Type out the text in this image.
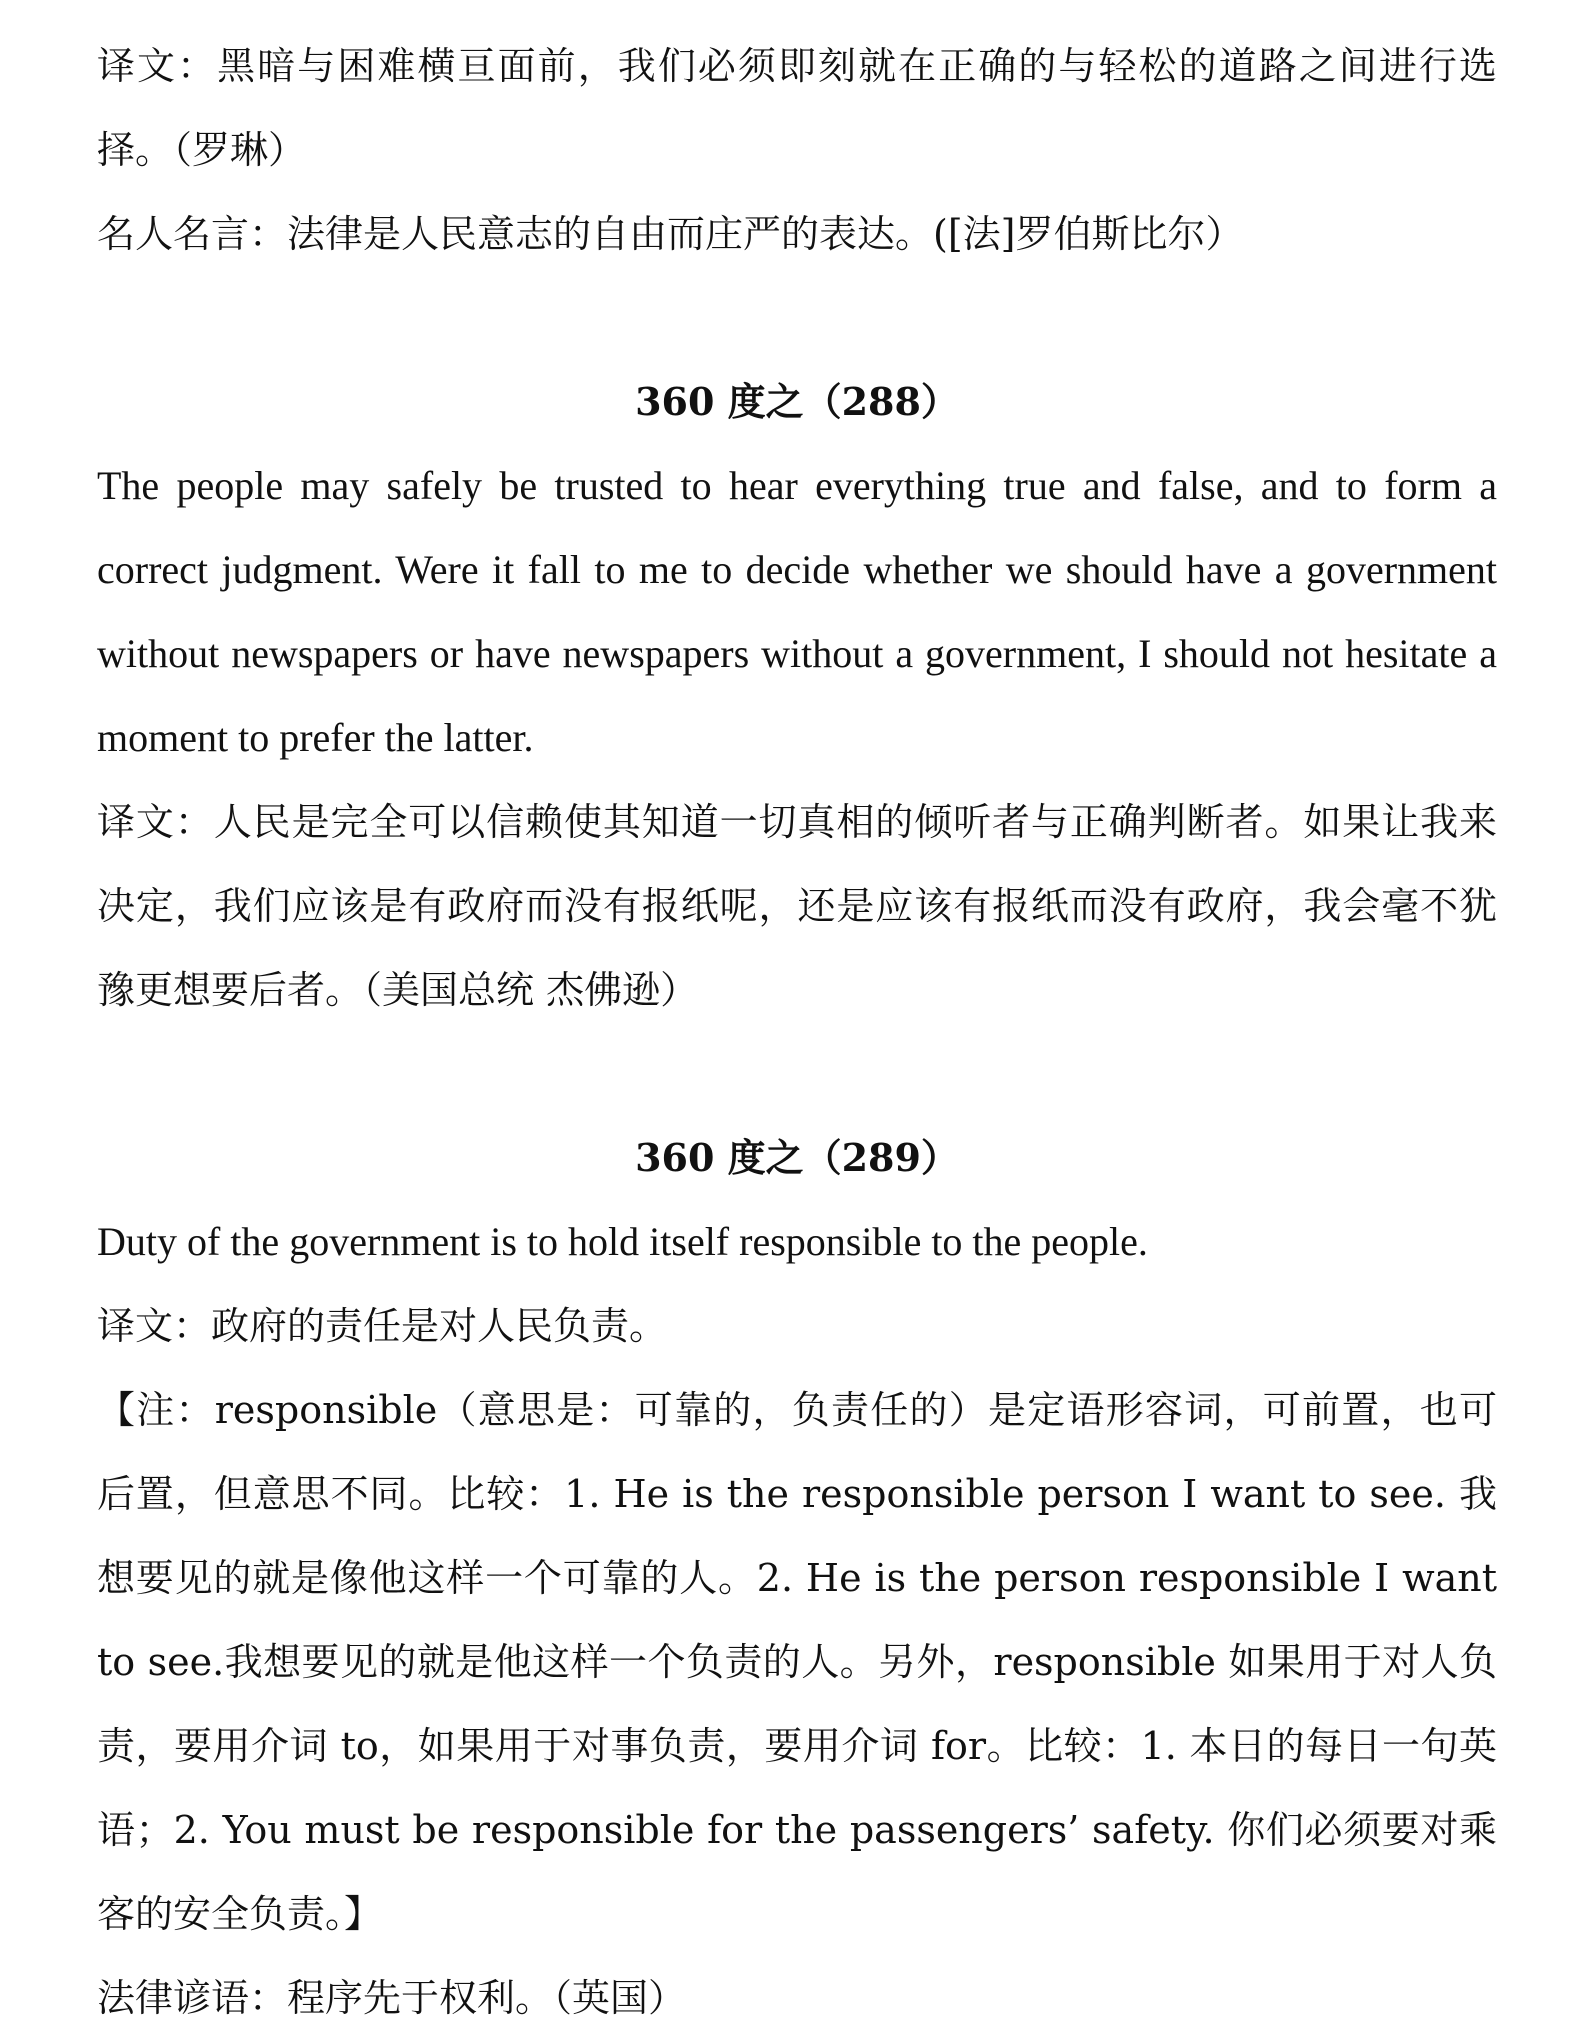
译文：黑暗与困难横亘面前，我们必须即刻就在正确的与轻松的道路之间进行选择。（罗琳）

名人名言：法律是人民意志的自由而庄严的表达。([法]罗伯斯比尔）

360 度之（288）

The people may safely be trusted to hear everything true and false, and to form a correct judgment. Were it fall to me to decide whether we should have a government without newspapers or have newspapers without a government, I should not hesitate a moment to prefer the latter.

译文：人民是完全可以信赖使其知道一切真相的倾听者与正确判断者。如果让我来决定，我们应该是有政府而没有报纸呢，还是应该有报纸而没有政府，我会毫不犹豫更想要后者。（美国总统 杰佛逊）

360 度之（289）

Duty of the government is to hold itself responsible to the people.

译文：政府的责任是对人民负责。

【注：responsible（意思是：可靠的，负责任的）是定语形容词，可前置，也可后置，但意思不同。比较：1. He is the responsible person I want to see. 我想要见的就是像他这样一个可靠的人。2. He is the person responsible I want to see.我想要见的就是他这样一个负责的人。另外，responsible 如果用于对人负责，要用介词 to，如果用于对事负责，要用介词 for。比较：1. 本日的每日一句英语；2. You must be responsible for the passengers’ safety. 你们必须要对乘客的安全负责。】

法律谚语：程序先于权利。（英国）
